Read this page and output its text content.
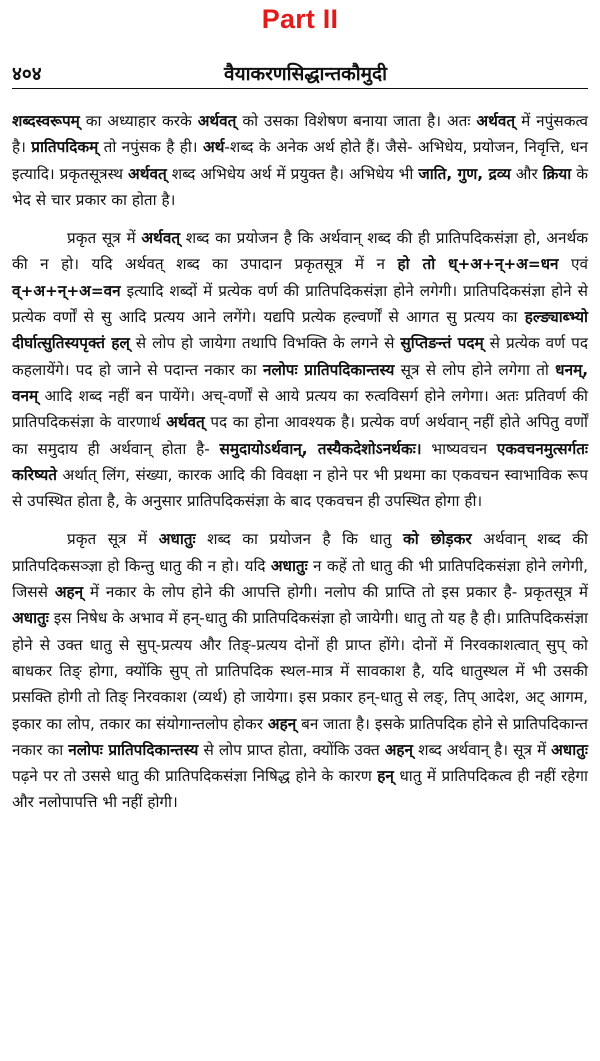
Part II
४०४	वैयाकरणसिद्धान्तकौमुदी

शब्दस्वरूपम् का अध्याहार करके अर्थवत् को उसका विशेषण बनाया जाता है। अतः अर्थवत् में नपुंसकत्व है। प्रातिपदिकम् तो नपुंसक है ही। अर्थ-शब्द के अनेक अर्थ होते हैं। जैसे- अभिधेय, प्रयोजन, निवृत्ति, धन इत्यादि। प्रकृतसूत्रस्थ अर्थवत् शब्द अभिधेय अर्थ में प्रयुक्त है। अभिधेय भी जाति, गुण, द्रव्य और क्रिया के भेद से चार प्रकार का होता है।

प्रकृत सूत्र में अर्थवत् शब्द का प्रयोजन है कि अर्थवान् शब्द की ही प्रातिपदिकसंज्ञा हो, अनर्थक की न हो। यदि अर्थवत् शब्द का उपादान प्रकृतसूत्र में न हो तो ध्+अ+न्+अ=धन एवं व्+अ+न्+अ=वन इत्यादि शब्दों में प्रत्येक वर्ण की प्रातिपदिकसंज्ञा होने लगेगी। प्रातिपदिकसंज्ञा होने से प्रत्येक वर्णों से सु आदि प्रत्यय आने लगेंगे। यद्यपि प्रत्येक हल्वर्णों से आगत सु प्रत्यय का हल्ङ्याब्भ्यो दीर्घात्सुतिस्यपृक्तं हल् से लोप हो जायेगा तथापि विभक्ति के लगने से सुप्तिङन्तं पदम् से प्रत्येक वर्ण पद कहलायेंगे। पद हो जाने से पदान्त नकार का नलोपः प्रातिपदिकान्तस्य सूत्र से लोप होने लगेगा तो धनम्, वनम् आदि शब्द नहीं बन पायेंगे। अच्-वर्णों से आये प्रत्यय का रुत्वविसर्ग होने लगेगा। अतः प्रतिवर्ण की प्रातिपदिकसंज्ञा के वारणार्थ अर्थवत् पद का होना आवश्यक है। प्रत्येक वर्ण अर्थवान् नहीं होते अपितु वर्णों का समुदाय ही अर्थवान् होता है- समुदायोऽर्थवान्, तस्यैकदेशोऽनर्थकः। भाष्यवचन एकवचनमुत्सर्गतः करिष्यते अर्थात् लिंग, संख्या, कारक आदि की विवक्षा न होने पर भी प्रथमा का एकवचन स्वाभाविक रूप से उपस्थित होता है, के अनुसार प्रातिपदिकसंज्ञा के बाद एकवचन ही उपस्थित होगा ही।

प्रकृत सूत्र में अधातुः शब्द का प्रयोजन है कि धातु को छोड़कर अर्थवान् शब्द की प्रातिपदिकसञ्ज्ञा हो किन्तु धातु की न हो। यदि अधातुः न कहें तो धातु की भी प्रातिपदिकसंज्ञा होने लगेगी, जिससे अहन् में नकार के लोप होने की आपत्ति होगी। नलोप की प्राप्ति तो इस प्रकार है- प्रकृतसूत्र में अधातुः इस निषेध के अभाव में हन्-धातु की प्रातिपदिकसंज्ञा हो जायेगी। धातु तो यह है ही। प्रातिपदिकसंज्ञा होने से उक्त धातु से सुप्-प्रत्यय और तिङ्-प्रत्यय दोनों ही प्राप्त होंगे। दोनों में निरवकाशत्वात् सुप् को बाधकर तिङ् होगा, क्योंकि सुप् तो प्रातिपदिक स्थल-मात्र में सावकाश है, यदि धातुस्थल में भी उसकी प्रसक्ति होगी तो तिङ् निरवकाश (व्यर्थ) हो जायेगा। इस प्रकार हन्-धातु से लङ्, तिप् आदेश, अट् आगम, इकार का लोप, तकार का संयोगान्तलोप होकर अहन् बन जाता है। इसके प्रातिपदिक होने से प्रातिपदिकान्त नकार का नलोपः प्रातिपदिकान्तस्य से लोप प्राप्त होता, क्योंकि उक्त अहन् शब्द अर्थवान् है। सूत्र में अधातुः पढ़ने पर तो उससे धातु की प्रातिपदिकसंज्ञा निषिद्ध होने के कारण हन् धातु में प्रातिपदिकत्व ही नहीं रहेगा और नलोपापत्ति भी नहीं होगी।
